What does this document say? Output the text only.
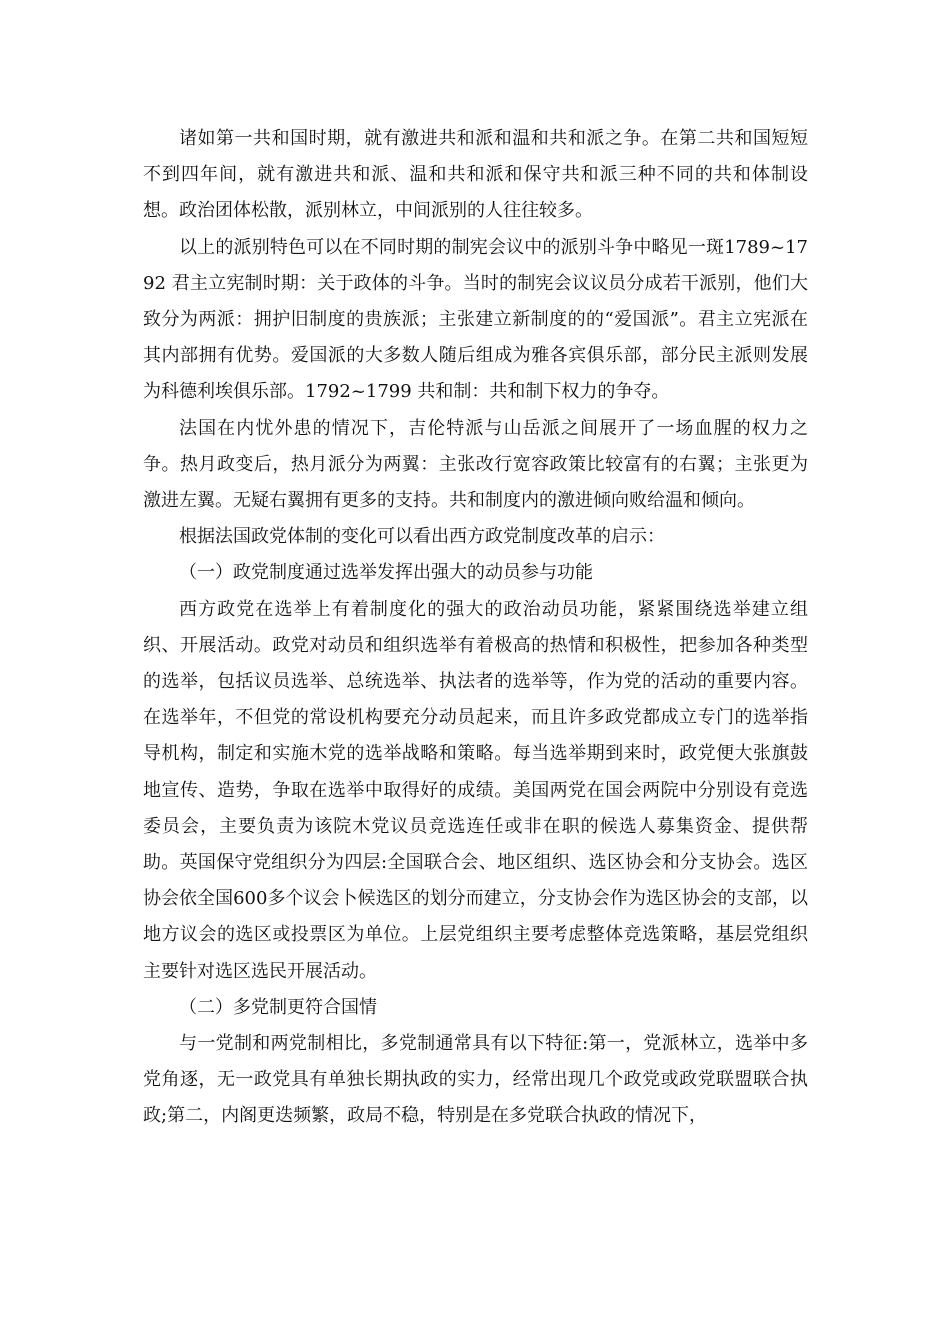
诸如第一共和国时期，就有激进共和派和温和共和派之争。在第二共和国短短不到四年间，就有激进共和派、温和共和派和保守共和派三种不同的共和体制设想。政治团体松散，派别林立，中间派别的人往往较多。

以上的派别特色可以在不同时期的制宪会议中的派别斗争中略见一斑1789~1792 君主立宪制时期：关于政体的斗争。当时的制宪会议议员分成若干派别，他们大致分为两派：拥护旧制度的贵族派；主张建立新制度的的“爱国派”。君主立宪派在其内部拥有优势。爱国派的大多数人随后组成为雅各宾俱乐部，部分民主派则发展为科德利埃俱乐部。1792~1799 共和制：共和制下权力的争夺。

法国在内忧外患的情况下，吉伦特派与山岳派之间展开了一场血腥的权力之争。热月政变后，热月派分为两翼：主张改行宽容政策比较富有的右翼；主张更为激进左翼。无疑右翼拥有更多的支持。共和制度内的激进倾向败给温和倾向。

根据法国政党体制的变化可以看出西方政党制度改革的启示：

（一）政党制度通过选举发挥出强大的动员参与功能

西方政党在选举上有着制度化的强大的政治动员功能，紧紧围绕选举建立组织、开展活动。政党对动员和组织选举有着极高的热情和积极性，把参加各种类型的选举，包括议员选举、总统选举、执法者的选举等，作为党的活动的重要内容。在选举年，不但党的常设机构要充分动员起来，而且许多政党都成立专门的选举指导机构，制定和实施木党的选举战略和策略。每当选举期到来时，政党便大张旗鼓地宣传、造势，争取在选举中取得好的成绩。美国两党在国会两院中分别设有竞选委员会，主要负责为该院木党议员竞选连任或非在职的候选人募集资金、提供帮助。英国保守党组织分为四层:全国联合会、地区组织、选区协会和分支协会。选区协会依全国600多个议会卜候选区的划分而建立，分支协会作为选区协会的支部，以地方议会的选区或投票区为单位。上层党组织主要考虑整体竞选策略，基层党组织主要针对选区选民开展活动。

（二）多党制更符合国情

与一党制和两党制相比，多党制通常具有以下特征:第一，党派林立，选举中多党角逐，无一政党具有单独长期执政的实力，经常出现几个政党或政党联盟联合执政;第二，内阁更迭频繁，政局不稳，特别是在多党联合执政的情况下，
